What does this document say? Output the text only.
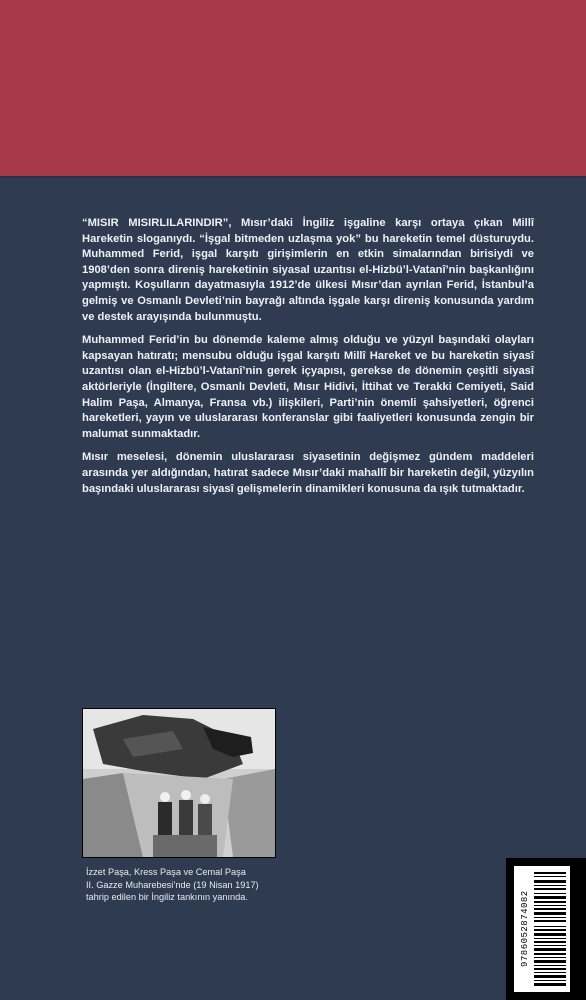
“MISIR MISIRLILARINDIR”, Mısır’daki İngiliz işgaline karşı ortaya çıkan Millî Hareketin sloganıydı. “İşgal bitmeden uzlaşma yok” bu hareketin temel düsturuydu. Muhammed Ferid, işgal karşıtı girişimlerin en etkin simalarından birisiydi ve 1908’den sonra direniş hareketinin siyasal uzantısı el-Hizbü’l-Vatanî’nin başkanlığını yapmıştı. Koşulların dayatmasıyla 1912’de ülkesi Mısır’dan ayrılan Ferid, İstanbul’a gelmiş ve Osmanlı Devleti’nin bayrağı altında işgale karşı direniş konusunda yardım ve destek arayışında bulunmuştu.

Muhammed Ferid’in bu dönemde kaleme almış olduğu ve yüzyıl başındaki olayları kapsayan hatıratı; mensubu olduğu işgal karşıtı Millî Hareket ve bu hareketin siyasî uzantısı olan el-Hizbü’l-Vatanî’nin gerek içyapısı, gerekse de dönemin çeşitli siyasî aktörleriyle (İngiltere, Osmanlı Devleti, Mısır Hidivi, İttihat ve Terakki Cemiyeti, Said Halim Paşa, Almanya, Fransa vb.) ilişkileri, Parti’nin önemli şahsiyetleri, öğrenci hareketleri, yayın ve uluslararası konferanslar gibi faaliyetleri konusunda zengin bir malumat sunmaktadır.

Mısır meselesi, dönemin uluslararası siyasetinin değişmez gündem maddeleri arasında yer aldığından, hatırat sadece Mısır’daki mahallî bir hareketin değil, yüzyılın başındaki uluslararası siyasî gelişmelerin dinamikleri konusuna da ışık tutmaktadır.

İzzet Paşa, Kress Paşa ve Cemal Paşa
II. Gazze Muharebesi’nde (19 Nisan 1917)
tahrip edilen bir İngiliz tankının yanında.	9786052874082
